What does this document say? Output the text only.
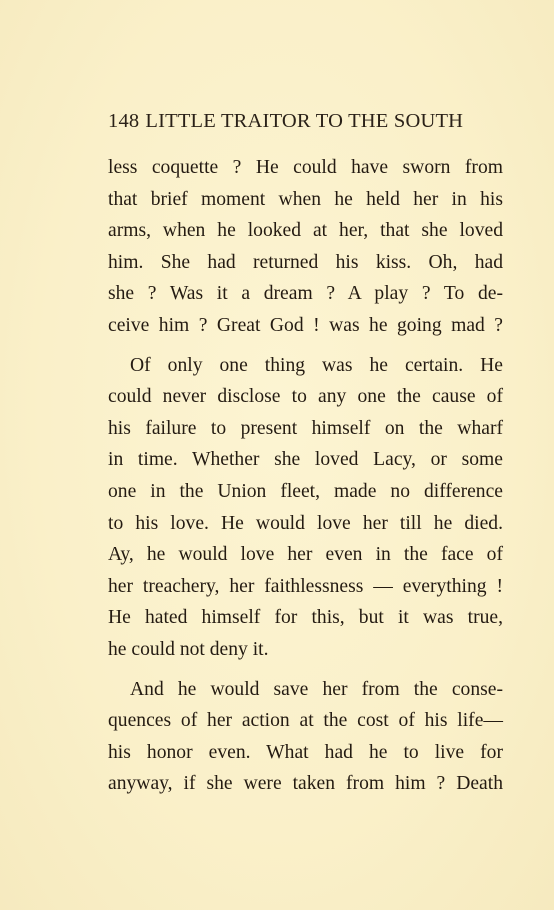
148 LITTLE TRAITOR TO THE SOUTH
less coquette ? He could have sworn from
that brief moment when he held her in his
arms, when he looked at her, that she loved
him. She had returned his kiss. Oh, had
she ? Was it a dream ? A play ? To de-
ceive him ? Great God ! was he going mad ?
Of only one thing was he certain. He
could never disclose to any one the cause of
his failure to present himself on the wharf
in time. Whether she loved Lacy, or some
one in the Union fleet, made no difference
to his love. He would love her till he died.
Ay, he would love her even in the face of
her treachery, her faithlessness — everything !
He hated himself for this, but it was true,
he could not deny it.
And he would save her from the conse-
quences of her action at the cost of his life—
his honor even. What had he to live for
anyway, if she were taken from him ? Death
